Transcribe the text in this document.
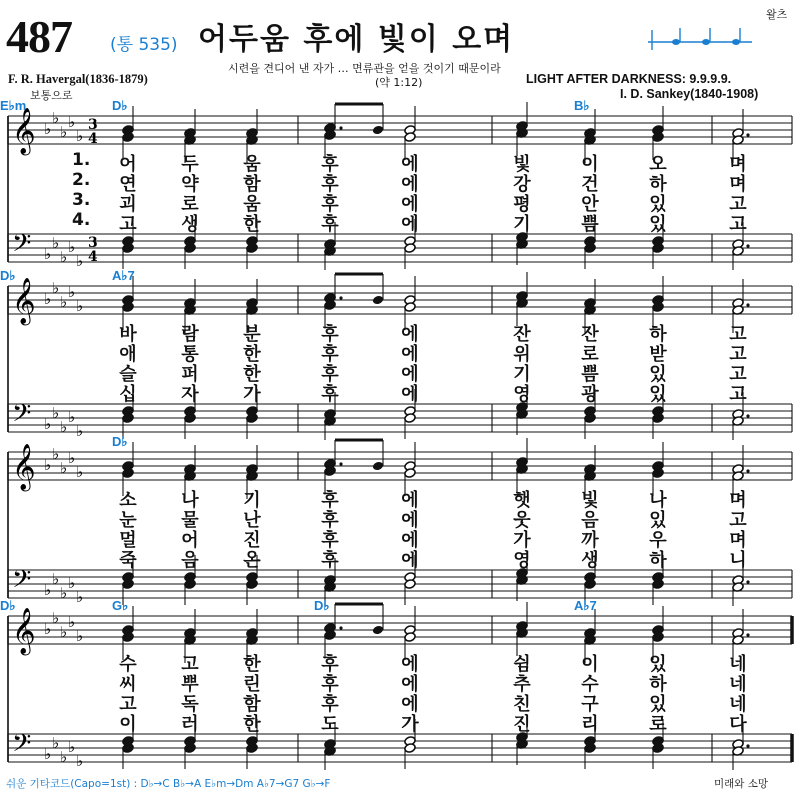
487 (통 535) 어두움 후에 빛이 오며
시련을 견디어 낸 자가 … 면류관을 얻을 것이기 때문이라
(약 1:12)
F. R. Havergal(1836-1879)
보통으로
LIGHT AFTER DARKNESS: 9.9.9.9.
I. D. Sankey(1840-1908)
왈츠
𝄞
𝄢
♭
♭
♭
♭
♭
♭
♭
♭
♭
♭
3
4
3
4
D♭	B♭
E♭m
1. 어 두 움	후	에	빛	이	오	며
2. 연 약 함	후	에	강	건	하	며
3. 괴 로 움	후	에	평	안	있	고
4. 고 생 한	후	에	기	쁨	있	고
𝄞
𝄢
♭
♭
♭
♭
♭
♭
♭
♭
♭
♭
A♭7
D♭
바 람 분	후	에	잔	잔	하	고
애 통 한	후	에	위	로	받	고
슬 퍼 한	후	에	기	쁨	있	고
십 자 가	후	에	영	광	있	고
𝄞
𝄢
♭
♭
♭
♭
♭
♭
♭
♭
♭
♭
D♭
소 나 기	후	에	햇	빛	나	며
눈 물 난	후	에	웃	음	있	고
멀 어 진	후	에	가	까	우	며
죽 음 온	후	에	영	생	하	니
𝄞
𝄢
♭
♭
♭
♭
♭
♭
♭
♭
♭
♭
G♭	D♭	A♭7
D♭
수 고 한	후	에	쉼	이	있	네
씨 뿌 린	후	에	추	수	하	네
고 독 함	후	에	친	구	있	네
이 러 한	도	가	진	리	로	다
쉬운 기타코드(Capo=1st) : D♭→C B♭→A E♭m→Dm A♭7→G7 G♭→F	미래와 소망
